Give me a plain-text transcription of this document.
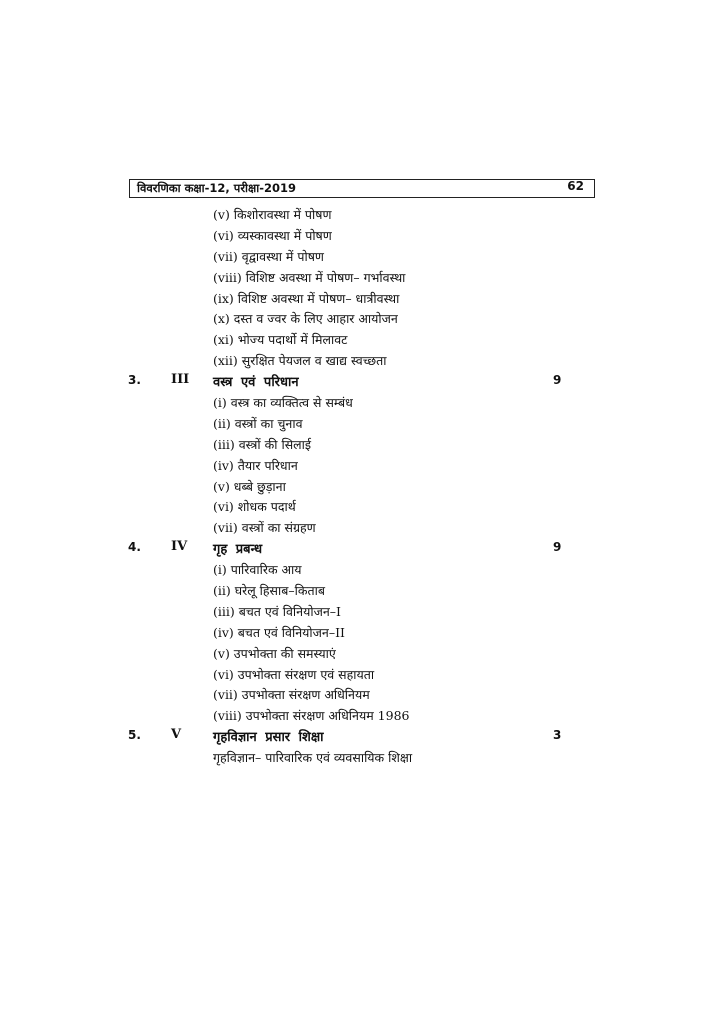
विवरणिका कक्षा-12, परीक्षा-2019	62
(v) किशोरावस्था में पोषण
(vi) व्यस्कावस्था में पोषण
(vii) वृद्वावस्था में पोषण
(viii) विशिष्ट अवस्था में पोषण– गर्भावस्था
(ix) विशिष्ट अवस्था में पोषण– धात्रीवस्था
(x) दस्त व ज्वर के लिए आहार आयोजन
(xi) भोज्य पदार्थो में मिलावट
(xii) सुरक्षित पेयजल व खाद्य स्वच्छता
3. III वस्त्र एवं परिधान	9
(i) वस्त्र का व्यक्तित्व से सम्बंध
(ii) वस्त्रों का चुनाव
(iii) वस्त्रों की सिलाई
(iv) तैयार परिधान
(v) धब्बे छुड़ाना
(vi) शोधक पदार्थ
(vii) वस्त्रों का संग्रहण
4. IV गृह प्रबन्ध	9
(i) पारिवारिक आय
(ii) घरेलू हिसाब–किताब
(iii) बचत एवं विनियोजन–I
(iv) बचत एवं विनियोजन–II
(v) उपभोक्ता की समस्याएं
(vi) उपभोक्ता संरक्षण एवं सहायता
(vii) उपभोक्ता संरक्षण अधिनियम
(viii) उपभोक्ता संरक्षण अधिनियम 1986
5. V गृहविज्ञान प्रसार शिक्षा	3
गृहविज्ञान– पारिवारिक एवं व्यवसायिक शिक्षा
